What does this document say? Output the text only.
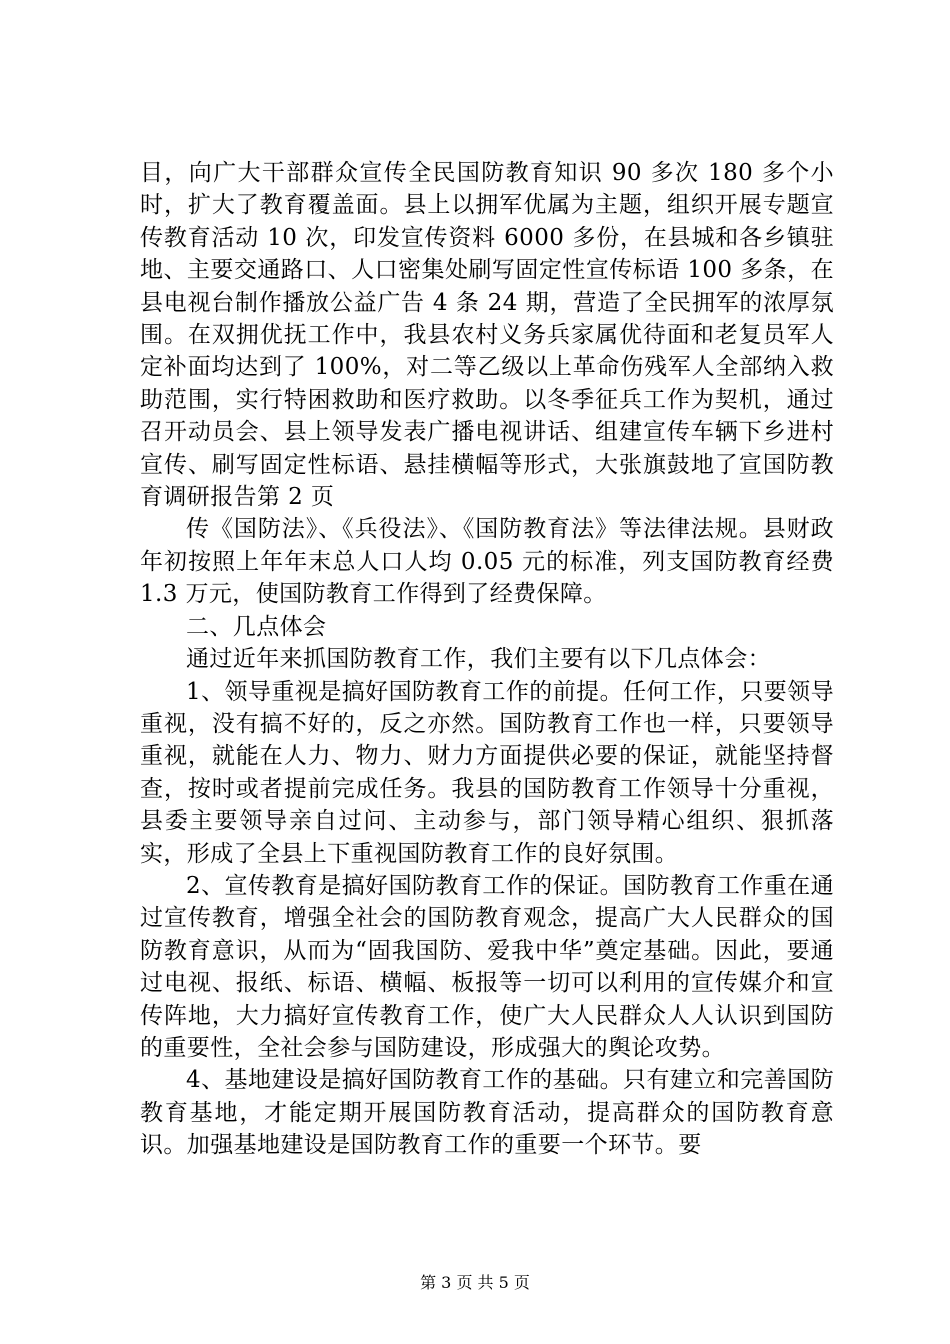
目，向广大干部群众宣传全民国防教育知识 90 多次 180 多个小时，扩大了教育覆盖面。县上以拥军优属为主题，组织开展专题宣传教育活动 10 次，印发宣传资料 6000 多份，在县城和各乡镇驻地、主要交通路口、人口密集处刷写固定性宣传标语 100 多条，在县电视台制作播放公益广告 4 条 24 期，营造了全民拥军的浓厚氛围。在双拥优抚工作中，我县农村义务兵家属优待面和老复员军人定补面均达到了 100%，对二等乙级以上革命伤残军人全部纳入救助范围，实行特困救助和医疗救助。以冬季征兵工作为契机，通过召开动员会、县上领导发表广播电视讲话、组建宣传车辆下乡进村宣传、刷写固定性标语、悬挂横幅等形式，大张旗鼓地了宣国防教育调研报告第 2 页

传《国防法》、《兵役法》、《国防教育法》等法律法规。县财政年初按照上年年末总人口人均 0.05 元的标准，列支国防教育经费 1.3 万元，使国防教育工作得到了经费保障。

二、几点体会

通过近年来抓国防教育工作，我们主要有以下几点体会：

1、领导重视是搞好国防教育工作的前提。任何工作，只要领导重视，没有搞不好的，反之亦然。国防教育工作也一样，只要领导重视，就能在人力、物力、财力方面提供必要的保证，就能坚持督查，按时或者提前完成任务。我县的国防教育工作领导十分重视，县委主要领导亲自过问、主动参与，部门领导精心组织、狠抓落实，形成了全县上下重视国防教育工作的良好氛围。

2、宣传教育是搞好国防教育工作的保证。国防教育工作重在通过宣传教育，增强全社会的国防教育观念，提高广大人民群众的国防教育意识，从而为“固我国防、爱我中华”奠定基础。因此，要通过电视、报纸、标语、横幅、板报等一切可以利用的宣传媒介和宣传阵地，大力搞好宣传教育工作，使广大人民群众人人认识到国防的重要性，全社会参与国防建设，形成强大的舆论攻势。

4、基地建设是搞好国防教育工作的基础。只有建立和完善国防教育基地，才能定期开展国防教育活动，提高群众的国防教育意识。加强基地建设是国防教育工作的重要一个环节。要

第 3 页 共 5 页
